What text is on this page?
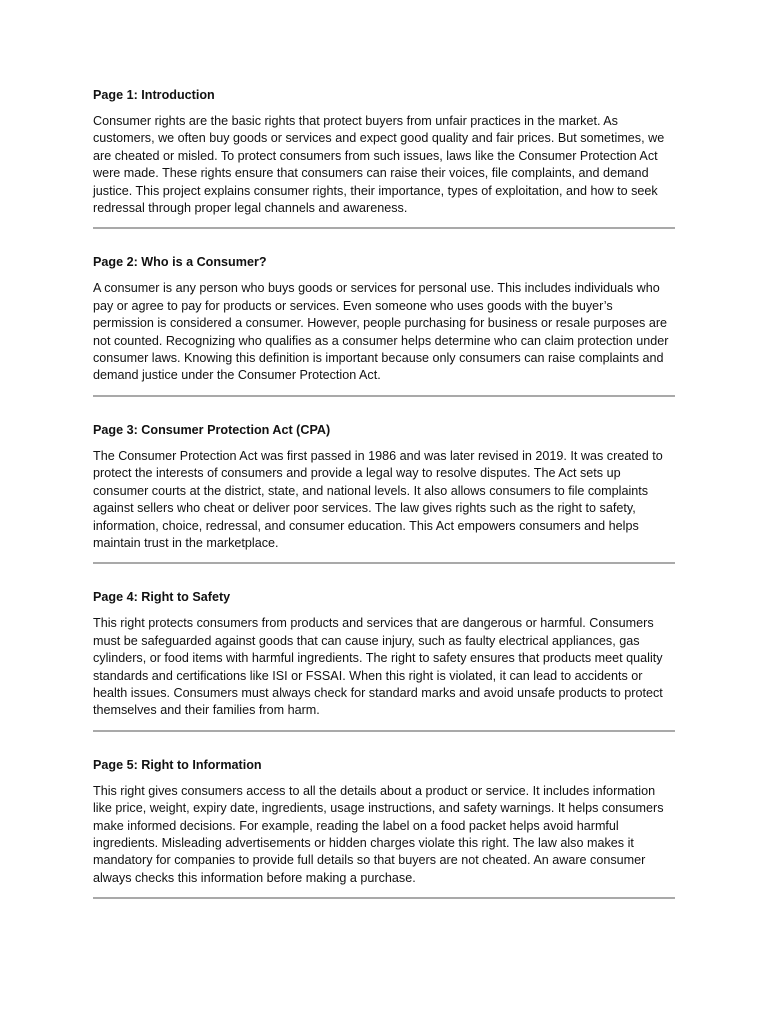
Page 1: Introduction

Consumer rights are the basic rights that protect buyers from unfair practices in the market. As customers, we often buy goods or services and expect good quality and fair prices. But sometimes, we are cheated or misled. To protect consumers from such issues, laws like the Consumer Protection Act were made. These rights ensure that consumers can raise their voices, file complaints, and demand justice. This project explains consumer rights, their importance, types of exploitation, and how to seek redressal through proper legal channels and awareness.

Page 2: Who is a Consumer?

A consumer is any person who buys goods or services for personal use. This includes individuals who pay or agree to pay for products or services. Even someone who uses goods with the buyer’s permission is considered a consumer. However, people purchasing for business or resale purposes are not counted. Recognizing who qualifies as a consumer helps determine who can claim protection under consumer laws. Knowing this definition is important because only consumers can raise complaints and demand justice under the Consumer Protection Act.

Page 3: Consumer Protection Act (CPA)

The Consumer Protection Act was first passed in 1986 and was later revised in 2019. It was created to protect the interests of consumers and provide a legal way to resolve disputes. The Act sets up consumer courts at the district, state, and national levels. It also allows consumers to file complaints against sellers who cheat or deliver poor services. The law gives rights such as the right to safety, information, choice, redressal, and consumer education. This Act empowers consumers and helps maintain trust in the marketplace.

Page 4: Right to Safety

This right protects consumers from products and services that are dangerous or harmful. Consumers must be safeguarded against goods that can cause injury, such as faulty electrical appliances, gas cylinders, or food items with harmful ingredients. The right to safety ensures that products meet quality standards and certifications like ISI or FSSAI. When this right is violated, it can lead to accidents or health issues. Consumers must always check for standard marks and avoid unsafe products to protect themselves and their families from harm.

Page 5: Right to Information

This right gives consumers access to all the details about a product or service. It includes information like price, weight, expiry date, ingredients, usage instructions, and safety warnings. It helps consumers make informed decisions. For example, reading the label on a food packet helps avoid harmful ingredients. Misleading advertisements or hidden charges violate this right. The law also makes it mandatory for companies to provide full details so that buyers are not cheated. An aware consumer always checks this information before making a purchase.
